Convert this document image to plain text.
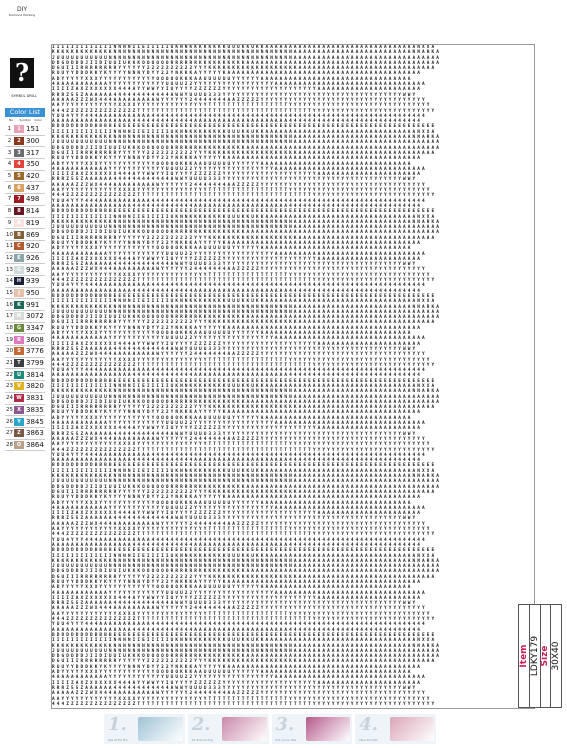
DIY
Diamond Painting
?
SYMBOL DRILL
Color List
No.	Symbol	Color
1	1 151
2	2 300
3	3 317
4	4 350
5	5 420
6	6 437
7	7 498
8	8 814
9	A 819
10 B 869
11 C 920
12 E 926
13 G 928
14 H 939
15	J 950
16 K 991
17 N 3072
18 G 3347
19 R 3608
20 S 3776
21 T 3799
22 U 3814
23 V 3820
24 W 3831
25 X 3835
26 Y 3845
27 Z 3863
28 O 3864
I I I I I I I I I I I I I N N N N I I E I I I I I U K N N K K K K K K K K U U U K K U K K A A A A A A A A A A A A A A A A A A A A A A A A A A A A A A A A N X X A
K K K K K K K K K K K K K N N N N N N N N N N N N N N N N N N N N N N N N N N N N N N N N N N N N N N A A A A A A A A A A A A A A A A A A A A A A A A A N N A R K A
J U U U U U U U U U U U N N N N N N N N N N N N N N N N N N N N N N N N N N N N N N N N N N N N N N N A A A A A A A A A A A A A A A A A A A A A A A A A A A A A A A
D D G D D D D J I I D I U U I U K K K O O O O O O R R R R R R K K K K K K K K K K A A A A A A A A A A A A A A A A A A A A A A A A A A A A A A A A A A A A A A A A A
D G U I I I R R R R R R R R Y Y Y Y Y Y 2 2 2 2 2 2 2 2 2 2 Y Y Y K K K K K K K K K K K K K K K K K K K A A A A A A A A A A A A A A A A A A A A A A A A A A A A A
R U U Y Y D D D K K Y K Y Y Y Y N N N Y D Y Y 2 2 Y N K K K A Y Y Y Y Y K A A A A A A A A A A A A A A A A A A A A A A A A A A A A A A A A A A A A A A A A A
A D Y Y Y Y Y X X X Y Y Y Y Y Y Y Y Y Y Y Y O O O O O K K K A A U U U U U U Y Y Y Y Y Y A A A A A A A A A A A A A A A A A A A A A A A A A A A A A A A A
4 A A A A A A A A A A A Y Y Y Y Y Y Y Y Y Y Y Y U U U U 2 2 Y Y Y Y Y Y Y Y Y Y Y Y Y Y Y Y Y A A A A A A A A A A A A A A A A A A A A A A A A A A A A A A A A
I I I I Z A X Z X X X X X X 4 4 4 A Y Y W W Y Y I U Y Y Y Y Z Z Z Z Z Z Y Y Y Y Y Y Y Y Y Y Y Y Y Y Y Y Y Y Y Y A A A A A A A A A A A A A A A A A A A A A A
R R R Z 5 5 Z A A A A A A 4 4 4 4 4 4 4 4 4 4 4 4 A W W Y U U U U 3 3 3 Y Y Y Y Y Y Y Y Y Y Y Y Y Y Y Y Y Y Y Y Y Y Y Y Y Y Y Y Y Y Y Y Y Y Y Y Y Y W W Y
A A A A A Z Z Z W X 4 4 4 A A A A A A A A A W Y Y Y Y Y Y 2 4 4 4 4 4 4 4 A A Z Z Z Z Z Y Y Y Y Y Y Y Y Y Y Y Y Y Y Y Y Y Y Y Y Y Y Y Y Y Y Y Y Y Y Y Y Y Y Y
A A Y Y Y Y Y Y Y Y Y Y Y Y X X X X Y Y Y Y Y Y Y Y Y Y Y Y Y Y Y T T T T T T T T T T T T T T T T T Y Y Y Y Y Y Y Y Y Y Y Y Y Y Y Y Y Y Y Y Y Y Y Y Y Y Y Y Y Y
4 4 4 Z Z Z Z Z Z Z Z Z Z Z Z Z Z Z T T T T T T T T T T T T T T T T T T T T T T T T T T T T T T T T T T T T T Y Y Y Y Y Y Y Y Y Y Y Y Y Y Y Y Y Y Y Y Y Y Y Y Y Y
Y U U 4 Y Y Y 4 4 4 A A A A A A A A A A A 4 4 4 4 4 4 4 4 4 4 4 4 4 4 4 4 4 4 4 4 4 4 4 4 4 4 4 4 4 4 4 4 4 4 4 4 4 4 4 4 4 4 4 4 4 4 4 4 4 4 4 4 4 4 4 4 4 4
A A A A A A A A A A A A A A A A A 4 4 4 4 4 4 4 4 4 4 4 4 4 A A A A A A A A A A A A A A A A A A A A 4 4 4 4 4 4 4 4 4 4 4 4 4 4 4 4 4 4 4 4 4 4 4 4 4 4 4 4
B D D D D D D D D B B B B E E E E E E E E E E E E E E E E E E E E E E E E E E E E E E E E E E E E E E E E E E E E E E E E E E E E E E E E E E E E E E E E E E E E
I I I I I I I I I I I I I N N N N I I E I I I I I U K N N K K K K K K K K U U U K K U K K A A A A A A A A A A A A A A A A A A A A A A A A A A A A A A A A N X X A
K K K K K K K K K K K K K N N N N N N N N N N N N N N N N N N N N N N N N N N N N N N N N N N N N N N A A A A A A A A A A A A A A A A A A A A A A A A A N N A R K A
J U U U U U U U U U U U N N N N N N N N N N N N N N N N N N N N N N N N N N N N N N N N N N N N N N N A A A A A A A A A A A A A A A A A A A A A A A A A A A A A A A
D D G D D D D J I I D I U U I U K K K O O O O O O R R R R R R K K K K K K K K K K A A A A A A A A A A A A A A A A A A A A A A A A A A A A A A A A A A A A A A A A A
D G U I I I R R R R R R R R Y Y Y Y Y Y 2 2 2 2 2 2 2 2 2 2 Y Y Y K K K K K K K K K K K K K K K K K K K A A A A A A A A A A A A A A A A A A A A A A A A A A A A A
R U U Y Y D D D K K Y K Y Y Y Y N N N Y D Y Y 2 2 Y N K K K A Y Y Y Y Y K A A A A A A A A A A A A A A A A A A A A A A A A A A A A A A A A A A A A A A A A A
A D Y Y Y Y Y X X X Y Y Y Y Y Y Y Y Y Y Y Y O O O O O K K K A A U U U U U U Y Y Y Y Y Y A A A A A A A A A A A A A A A A A A A A A A A A A A A A A A A A
4 A A A A A A A A A A A Y Y Y Y Y Y Y Y Y Y Y Y U U U U 2 2 Y Y Y Y Y Y Y Y Y Y Y Y Y Y Y Y Y A A A A A A A A A A A A A A A A A A A A A A A A A A A A A A A A
I I I I Z A X Z X X X X X X 4 4 4 A Y Y W W Y Y I U Y Y Y Y Z Z Z Z Z Z Y Y Y Y Y Y Y Y Y Y Y Y Y Y Y Y Y Y Y Y A A A A A A A A A A A A A A A A A A A A A A
R R R Z 5 5 Z A A A A A A 4 4 4 4 4 4 4 4 4 4 4 4 A W W Y U U U U 3 3 3 Y Y Y Y Y Y Y Y Y Y Y Y Y Y Y Y Y Y Y Y Y Y Y Y Y Y Y Y Y Y Y Y Y Y Y Y Y Y W W Y
A A A A A Z Z Z W X 4 4 4 A A A A A A A A A W Y Y Y Y Y Y 2 4 4 4 4 4 4 4 A A Z Z Z Z Z Y Y Y Y Y Y Y Y Y Y Y Y Y Y Y Y Y Y Y Y Y Y Y Y Y Y Y Y Y Y Y Y Y Y Y
A A Y Y Y Y Y Y Y Y Y Y Y Y X X X X Y Y Y Y Y Y Y Y Y Y Y Y Y Y Y T T T T T T T T T T T T T T T T T Y Y Y Y Y Y Y Y Y Y Y Y Y Y Y Y Y Y Y Y Y Y Y Y Y Y Y Y Y Y
4 4 4 Z Z Z Z Z Z Z Z Z Z Z Z Z Z Z T T T T T T T T T T T T T T T T T T T T T T T T T T T T T T T T T T T T T Y Y Y Y Y Y Y Y Y Y Y Y Y Y Y Y Y Y Y Y Y Y Y Y Y Y
Y U U 4 Y Y Y 4 4 4 A A A A A A A A A A A 4 4 4 4 4 4 4 4 4 4 4 4 4 4 4 4 4 4 4 4 4 4 4 4 4 4 4 4 4 4 4 4 4 4 4 4 4 4 4 4 4 4 4 4 4 4 4 4 4 4 4 4 4 4 4 4 4 4
A A A A A A A A A A A A A A A A A 4 4 4 4 4 4 4 4 4 4 4 4 4 A A A A A A A A A A A A A A A A A A A A 4 4 4 4 4 4 4 4 4 4 4 4 4 4 4 4 4 4 4 4 4 4 4 4 4 4 4 4
B D D D D D D D D B B B B E E E E E E E E E E E E E E E E E E E E E E E E E E E E E E E E E E E E E E E E E E E E E E E E E E E E E E E E E E E E E E E E E E E E
I I I I I I I I I I I I I N N N N I I E I I I I I U K N N K K K K K K K K U U U K K U K K A A A A A A A A A A A A A A A A A A A A A A A A A A A A A A A A N X X A
K K K K K K K K K K K K K N N N N N N N N N N N N N N N N N N N N N N N N N N N N N N N N N N N N N N A A A A A A A A A A A A A A A A A A A A A A A A A N N A R K A
J U U U U U U U U U U U N N N N N N N N N N N N N N N N N N N N N N N N N N N N N N N N N N N N N N N A A A A A A A A A A A A A A A A A A A A A A A A A A A A A A A
D D G D D D D J I I D I U U I U K K K O O O O O O R R R R R R K K K K K K K K K K A A A A A A A A A A A A A A A A A A A A A A A A A A A A A A A A A A A A A A A A A
D G U I I I R R R R R R R R Y Y Y Y Y Y 2 2 2 2 2 2 2 2 2 2 Y Y Y K K K K K K K K K K K K K K K K K K K A A A A A A A A A A A A A A A A A A A A A A A A A A A A A
R U U Y Y D D D K K Y K Y Y Y Y N N N Y D Y Y 2 2 Y N K K K A Y Y Y Y Y K A A A A A A A A A A A A A A A A A A A A A A A A A A A A A A A A A A A A A A A A A
A D Y Y Y Y Y X X X Y Y Y Y Y Y Y Y Y Y Y Y O O O O O K K K A A U U U U U U Y Y Y Y Y Y A A A A A A A A A A A A A A A A A A A A A A A A A A A A A A A A
4 A A A A A A A A A A A Y Y Y Y Y Y Y Y Y Y Y Y U U U U 2 2 Y Y Y Y Y Y Y Y Y Y Y Y Y Y Y Y Y A A A A A A A A A A A A A A A A A A A A A A A A A A A A A A A A
I I I I Z A X Z X X X X X X 4 4 4 A Y Y W W Y Y I U Y Y Y Y Z Z Z Z Z Z Y Y Y Y Y Y Y Y Y Y Y Y Y Y Y Y Y Y Y Y A A A A A A A A A A A A A A A A A A A A A A
R R R Z 5 5 Z A A A A A A 4 4 4 4 4 4 4 4 4 4 4 4 A W W Y U U U U 3 3 3 Y Y Y Y Y Y Y Y Y Y Y Y Y Y Y Y Y Y Y Y Y Y Y Y Y Y Y Y Y Y Y Y Y Y Y Y Y Y W W Y
A A A A A Z Z Z W X 4 4 4 A A A A A A A A A W Y Y Y Y Y Y 2 4 4 4 4 4 4 4 A A Z Z Z Z Z Y Y Y Y Y Y Y Y Y Y Y Y Y Y Y Y Y Y Y Y Y Y Y Y Y Y Y Y Y Y Y Y Y Y Y
A A Y Y Y Y Y Y Y Y Y Y Y Y X X X X Y Y Y Y Y Y Y Y Y Y Y Y Y Y Y T T T T T T T T T T T T T T T T T Y Y Y Y Y Y Y Y Y Y Y Y Y Y Y Y Y Y Y Y Y Y Y Y Y Y Y Y Y Y
4 4 4 Z Z Z Z Z Z Z Z Z Z Z Z Z Z Z T T T T T T T T T T T T T T T T T T T T T T T T T T T T T T T T T T T T T Y Y Y Y Y Y Y Y Y Y Y Y Y Y Y Y Y Y Y Y Y Y Y Y Y Y
Y U U 4 Y Y Y 4 4 4 A A A A A A A A A A A 4 4 4 4 4 4 4 4 4 4 4 4 4 4 4 4 4 4 4 4 4 4 4 4 4 4 4 4 4 4 4 4 4 4 4 4 4 4 4 4 4 4 4 4 4 4 4 4 4 4 4 4 4 4 4 4 4 4
A A A A A A A A A A A A A A A A A 4 4 4 4 4 4 4 4 4 4 4 4 4 A A A A A A A A A A A A A A A A A A A A 4 4 4 4 4 4 4 4 4 4 4 4 4 4 4 4 4 4 4 4 4 4 4 4 4 4 4 4
B D D D D D D D D B B B B E E E E E E E E E E E E E E E E E E E E E E E E E E E E E E E E E E E E E E E E E E E E E E E E E E E E E E E E E E E E E E E E E E E E
I I I I I I I I I I I I I N N N N I I E I I I I I U K N N K K K K K K K K U U U K K U K K A A A A A A A A A A A A A A A A A A A A A A A A A A A A A A A A N X X A
K K K K K K K K K K K K K N N N N N N N N N N N N N N N N N N N N N N N N N N N N N N N N N N N N N N A A A A A A A A A A A A A A A A A A A A A A A A A N N A R K A
J U U U U U U U U U U U N N N N N N N N N N N N N N N N N N N N N N N N N N N N N N N N N N N N N N N A A A A A A A A A A A A A A A A A A A A A A A A A A A A A A A
D D G D D D D J I I D I U U I U K K K O O O O O O R R R R R R K K K K K K K K K K A A A A A A A A A A A A A A A A A A A A A A A A A A A A A A A A A A A A A A A A A
D G U I I I R R R R R R R R Y Y Y Y Y Y 2 2 2 2 2 2 2 2 2 2 Y Y Y K K K K K K K K K K K K K K K K K K K A A A A A A A A A A A A A A A A A A A A A A A A A A A A A
R U U Y Y D D D K K Y K Y Y Y Y N N N Y D Y Y 2 2 Y N K K K A Y Y Y Y Y K A A A A A A A A A A A A A A A A A A A A A A A A A A A A A A A A A A A A A A A A A
A D Y Y Y Y Y X X X Y Y Y Y Y Y Y Y Y Y Y Y O O O O O K K K A A U U U U U U Y Y Y Y Y Y A A A A A A A A A A A A A A A A A A A A A A A A A A A A A A A A
4 A A A A A A A A A A A Y Y Y Y Y Y Y Y Y Y Y Y U U U U 2 2 Y Y Y Y Y Y Y Y Y Y Y Y Y Y Y Y Y A A A A A A A A A A A A A A A A A A A A A A A A A A A A A A A A
I I I I Z A X Z X X X X X X 4 4 4 A Y Y W W Y Y I U Y Y Y Y Z Z Z Z Z Z Y Y Y Y Y Y Y Y Y Y Y Y Y Y Y Y Y Y Y Y A A A A A A A A A A A A A A A A A A A A A A
R R R Z 5 5 Z A A A A A A 4 4 4 4 4 4 4 4 4 4 4 4 A W W Y U U U U 3 3 3 Y Y Y Y Y Y Y Y Y Y Y Y Y Y Y Y Y Y Y Y Y Y Y Y Y Y Y Y Y Y Y Y Y Y Y Y Y Y W W Y
A A A A A Z Z Z W X 4 4 4 A A A A A A A A A W Y Y Y Y Y Y 2 4 4 4 4 4 4 4 A A Z Z Z Z Z Y Y Y Y Y Y Y Y Y Y Y Y Y Y Y Y Y Y Y Y Y Y Y Y Y Y Y Y Y Y Y Y Y Y Y
A A Y Y Y Y Y Y Y Y Y Y Y Y X X X X Y Y Y Y Y Y Y Y Y Y Y Y Y Y Y T T T T T T T T T T T T T T T T T Y Y Y Y Y Y Y Y Y Y Y Y Y Y Y Y Y Y Y Y Y Y Y Y Y Y Y Y Y Y
4 4 4 Z Z Z Z Z Z Z Z Z Z Z Z Z Z Z T T T T T T T T T T T T T T T T T T T T T T T T T T T T T T T T T T T T T Y Y Y Y Y Y Y Y Y Y Y Y Y Y Y Y Y Y Y Y Y Y Y Y Y Y
Y U U 4 Y Y Y 4 4 4 A A A A A A A A A A A 4 4 4 4 4 4 4 4 4 4 4 4 4 4 4 4 4 4 4 4 4 4 4 4 4 4 4 4 4 4 4 4 4 4 4 4 4 4 4 4 4 4 4 4 4 4 4 4 4 4 4 4 4 4 4 4 4 4
A A A A A A A A A A A A A A A A A 4 4 4 4 4 4 4 4 4 4 4 4 4 A A A A A A A A A A A A A A A A A A A A 4 4 4 4 4 4 4 4 4 4 4 4 4 4 4 4 4 4 4 4 4 4 4 4 4 4 4 4
B D D D D D D D D B B B B E E E E E E E E E E E E E E E E E E E E E E E E E E E E E E E E E E E E E E E E E E E E E E E E E E E E E E E E E E E E E E E E E E E E
I I I I I I I I I I I I I N N N N I I E I I I I I U K N N K K K K K K K K U U U K K U K K A A A A A A A A A A A A A A A A A A A A A A A A A A A A A A A A N X X A
K K K K K K K K K K K K K N N N N N N N N N N N N N N N N N N N N N N N N N N N N N N N N N N N N N N A A A A A A A A A A A A A A A A A A A A A A A A A N N A R K A
J U U U U U U U U U U U N N N N N N N N N N N N N N N N N N N N N N N N N N N N N N N N N N N N N N N A A A A A A A A A A A A A A A A A A A A A A A A A A A A A A A
D D G D D D D J I I D I U U I U K K K O O O O O O R R R R R R K K K K K K K K K K A A A A A A A A A A A A A A A A A A A A A A A A A A A A A A A A A A A A A A A A A
D G U I I I R R R R R R R R Y Y Y Y Y Y 2 2 2 2 2 2 2 2 2 2 Y Y Y K K K K K K K K K K K K K K K K K K K A A A A A A A A A A A A A A A A A A A A A A A A A A A A A
R U U Y Y D D D K K Y K Y Y Y Y N N N Y D Y Y 2 2 Y N K K K A Y Y Y Y Y K A A A A A A A A A A A A A A A A A A A A A A A A A A A A A A A A A A A A A A A A A
A D Y Y Y Y Y X X X Y Y Y Y Y Y Y Y Y Y Y Y O O O O O K K K A A U U U U U U Y Y Y Y Y Y A A A A A A A A A A A A A A A A A A A A A A A A A A A A A A A A
4 A A A A A A A A A A A Y Y Y Y Y Y Y Y Y Y Y Y U U U U 2 2 Y Y Y Y Y Y Y Y Y Y Y Y Y Y Y Y Y A A A A A A A A A A A A A A A A A A A A A A A A A A A A A A A A
I I I I Z A X Z X X X X X X 4 4 4 A Y Y W W Y Y I U Y Y Y Y Z Z Z Z Z Z Y Y Y Y Y Y Y Y Y Y Y Y Y Y Y Y Y Y Y Y A A A A A A A A A A A A A A A A A A A A A A
R R R Z 5 5 Z A A A A A A 4 4 4 4 4 4 4 4 4 4 4 4 A W W Y U U U U 3 3 3 Y Y Y Y Y Y Y Y Y Y Y Y Y Y Y Y Y Y Y Y Y Y Y Y Y Y Y Y Y Y Y Y Y Y Y Y Y Y W W Y
A A A A A Z Z Z W X 4 4 4 A A A A A A A A A W Y Y Y Y Y Y 2 4 4 4 4 4 4 4 A A Z Z Z Z Z Y Y Y Y Y Y Y Y Y Y Y Y Y Y Y Y Y Y Y Y Y Y Y Y Y Y Y Y Y Y Y Y Y Y Y
A A Y Y Y Y Y Y Y Y Y Y Y Y X X X X Y Y Y Y Y Y Y Y Y Y Y Y Y Y Y T T T T T T T T T T T T T T T T T Y Y Y Y Y Y Y Y Y Y Y Y Y Y Y Y Y Y Y Y Y Y Y Y Y Y Y Y Y Y
4 4 4 Z Z Z Z Z Z Z Z Z Z Z Z Z Z Z T T T T T T T T T T T T T T T T T T T T T T T T T T T T T T T T T T T T T Y Y Y Y Y Y Y Y Y Y Y Y Y Y Y Y Y Y Y Y Y Y Y Y Y Y
Y U U 4 Y Y Y 4 4 4 A A A A A A A A A A A 4 4 4 4 4 4 4 4 4 4 4 4 4 4 4 4 4 4 4 4 4 4 4 4 4 4 4 4 4 4 4 4 4 4 4 4 4 4 4 4 4 4 4 4 4 4 4 4 4 4 4 4 4 4 4 4 4 4
A A A A A A A A A A A A A A A A A 4 4 4 4 4 4 4 4 4 4 4 4 4 A A A A A A A A A A A A A A A A A A A A 4 4 4 4 4 4 4 4 4 4 4 4 4 4 4 4 4 4 4 4 4 4 4 4 4 4 4 4
B D D D D D D D D B B B B E E E E E E E E E E E E E E E E E E E E E E E E E E E E E E E E E E E E E E E E E E E E E E E E E E E E E E E E E E E E E E E E E E E E
I I I I I I I I I I I I I N N N N I I E I I I I I U K N N K K K K K K K K U U U K K U K K A A A A A A A A A A A A A A A A A A A A A A A A A A A A A A A A N X X A
K K K K K K K K K K K K K N N N N N N N N N N N N N N N N N N N N N N N N N N N N N N N N N N N N N N A A A A A A A A A A A A A A A A A A A A A A A A A N N A R K A
J U U U U U U U U U U U N N N N N N N N N N N N N N N N N N N N N N N N N N N N N N N N N N N N N N N A A A A A A A A A A A A A A A A A A A A A A A A A A A A A A A
D D G D D D D J I I D I U U I U K K K O O O O O O R R R R R R K K K K K K K K K K A A A A A A A A A A A A A A A A A A A A A A A A A A A A A A A A A A A A A A A A A
D G U I I I R R R R R R R R Y Y Y Y Y Y 2 2 2 2 2 2 2 2 2 2 Y Y Y K K K K K K K K K K K K K K K K K K K A A A A A A A A A A A A A A A A A A A A A A A A A A A A A
R U U Y Y D D D K K Y K Y Y Y Y N N N Y D Y Y 2 2 Y N K K K A Y Y Y Y Y K A A A A A A A A A A A A A A A A A A A A A A A A A A A A A A A A A A A A A A A A A
A D Y Y Y Y Y X X X Y Y Y Y Y Y Y Y Y Y Y Y O O O O O K K K A A U U U U U U Y Y Y Y Y Y A A A A A A A A A A A A A A A A A A A A A A A A A A A A A A A A
4 A A A A A A A A A A A Y Y Y Y Y Y Y Y Y Y Y Y U U U U 2 2 Y Y Y Y Y Y Y Y Y Y Y Y Y Y Y Y Y A A A A A A A A A A A A A A A A A A A A A A A A A A A A A A A A
I I I I Z A X Z X X X X X X 4 4 4 A Y Y W W Y Y I U Y Y Y Y Z Z Z Z Z Z Y Y Y Y Y Y Y Y Y Y Y Y Y Y Y Y Y Y Y Y A A A A A A A A A A A A A A A A A A A A A A
R R R Z 5 5 Z A A A A A A 4 4 4 4 4 4 4 4 4 4 4 4 A W W Y U U U U 3 3 3 Y Y Y Y Y Y Y Y Y Y Y Y Y Y Y Y Y Y Y Y Y Y Y Y Y Y Y Y Y Y Y Y Y Y Y Y Y Y W W Y
A A A A A Z Z Z W X 4 4 4 A A A A A A A A A W Y Y Y Y Y Y 2 4 4 4 4 4 4 4 A A Z Z Z Z Z Y Y Y Y Y Y Y Y Y Y Y Y Y Y Y Y Y Y Y Y Y Y Y Y Y Y Y Y Y Y Y Y Y Y Y
A A Y Y Y Y Y Y Y Y Y Y Y Y X X X X Y Y Y Y Y Y Y Y Y Y Y Y Y Y Y T T T T T T T T T T T T T T T T T Y Y Y Y Y Y Y Y Y Y Y Y Y Y Y Y Y Y Y Y Y Y Y Y Y Y Y Y Y Y
4 4 4 Z Z Z Z Z Z Z Z Z Z Z Z Z Z Z T T T T T T T T T T T T T T T T T T T T T T T T T T T T T T T T T T T T T Y Y Y Y Y Y Y Y Y Y Y Y Y Y Y Y Y Y Y Y Y Y Y Y Y Y
Y U U 4 Y Y Y 4 4 4 A A A A A A A A A A A 4 4 4 4 4 4 4 4 4 4 4 4 4 4 4 4 4 4 4 4 4 4 4 4 4 4 4 4 4 4 4 4 4 4 4 4 4 4 4 4 4 4 4 4 4 4 4 4 4 4 4 4 4 4 4 4 4 4
A A A A A A A A A A A A A A A A A 4 4 4 4 4 4 4 4 4 4 4 4 4 A A A A A A A A A A A A A A A A A A A A 4 4 4 4 4 4 4 4 4 4 4 4 4 4 4 4 4 4 4 4 4 4 4 4 4 4 4 4
B D D D D D D D D B B B B E E E E E E E E E E E E E E E E E E E E E E E E E E E E E E E E E E E E E E E E E E E E E E E E E E E E E E E E E E E E E E E E E E E E
I I I I I I I I I I I I I N N N N I I E I I I I I U K N N K K K K K K K K U U U K K U K K A A A A A A A A A A A A A A A A A A A A A A A A A A A A A A A A N X X A
K K K K K K K K K K K K K N N N N N N N N N N N N N N N N N N N N N N N N N N N N N N N N N N N N N N A A A A A A A A A A A A A A A A A A A A A A A A A N N A R K A
J U U U U U U U U U U U N N N N N N N N N N N N N N N N N N N N N N N N N N N N N N N N N N N N N N N A A A A A A A A A A A A A A A A A A A A A A A A A A A A A A A
D D G D D D D J I I D I U U I U K K K O O O O O O R R R R R R K K K K K K K K K K A A A A A A A A A A A A A A A A A A A A A A A A A A A A A A A A A A A A A A A A A
D G U I I I R R R R R R R R Y Y Y Y Y Y 2 2 2 2 2 2 2 2 2 2 Y Y Y K K K K K K K K K K K K K K K K K K K A A A A A A A A A A A A A A A A A A A A A A A A A A A A A
R U U Y Y D D D K K Y K Y Y Y Y N N N Y D Y Y 2 2 Y N K K K A Y Y Y Y Y K A A A A A A A A A A A A A A A A A A A A A A A A A A A A A A A A A A A A A A A A A
A D Y Y Y Y Y X X X Y Y Y Y Y Y Y Y Y Y Y Y O O O O O K K K A A U U U U U U Y Y Y Y Y Y A A A A A A A A A A A A A A A A A A A A A A A A A A A A A A A A
4 A A A A A A A A A A A Y Y Y Y Y Y Y Y Y Y Y Y U U U U 2 2 Y Y Y Y Y Y Y Y Y Y Y Y Y Y Y Y Y A A A A A A A A A A A A A A A A A A A A A A A A A A A A A A A A
I I I I Z A X Z X X X X X X 4 4 4 A Y Y W W Y Y I U Y Y Y Y Z Z Z Z Z Z Y Y Y Y Y Y Y Y Y Y Y Y Y Y Y Y Y Y Y Y A A A A A A A A A A A A A A A A A A A A A A
R R R Z 5 5 Z A A A A A A 4 4 4 4 4 4 4 4 4 4 4 4 A W W Y U U U U 3 3 3 Y Y Y Y Y Y Y Y Y Y Y Y Y Y Y Y Y Y Y Y Y Y Y Y Y Y Y Y Y Y Y Y Y Y Y Y Y Y W W Y
A A A A A Z Z Z W X 4 4 4 A A A A A A A A A W Y Y Y Y Y Y 2 4 4 4 4 4 4 4 A A Z Z Z Z Z Y Y Y Y Y Y Y Y Y Y Y Y Y Y Y Y Y Y Y Y Y Y Y Y Y Y Y Y Y Y Y Y Y Y Y
A A Y Y Y Y Y Y Y Y Y Y Y Y X X X X Y Y Y Y Y Y Y Y Y Y Y Y Y Y Y T T T T T T T T T T T T T T T T T Y Y Y Y Y Y Y Y Y Y Y Y Y Y Y Y Y Y Y Y Y Y Y Y Y Y Y Y Y Y
4 4 4 Z Z Z Z Z Z Z Z Z Z Z Z Z Z Z T T T T T T T T T T T T T T T T T T T T T T T T T T T T T T T T T T T T T Y Y Y Y Y Y Y Y Y Y Y Y Y Y Y Y Y Y Y Y Y Y Y Y Y Y
Y U U 4 Y Y Y 4 4 4 A A A A A A A A A A A 4 4 4 4 4 4 4 4 4 4 4 4 4 4 4 4 4 4 4 4 4 4 4 4 4 4 4 4 4 4 4 4 4 4 4 4 4 4 4 4 4 4 4 4 4 4 4 4 4 4 4 4 4 4 4 4 4 4
A A A A A A A A A A A A A A A A A 4 4 4 4 4 4 4 4 4 4 4 4 4 A A A A A A A A A A A A A A A A A A A A 4 4 4 4 4 4 4 4 4 4 4 4 4 4 4 4 4 4 4 4 4 4 4 4 4 4 4 4
B D D D D D D D D B B B B E E E E E E E E E E E E E E E E E E E E E E E E E E E E E E E E E E E E E E E E E E E E E E E E E E E E E E E E E E E E E E E E E E E E
I I I I I I I I I I I I I N N N N I I E I I I I I U K N N K K K K K K K K U U U K K U K K A A A A A A A A A A A A A A A A A A A A A A A A A A A A A A A A N X X A
K K K K K K K K K K K K K N N N N N N N N N N N N N N N N N N N N N N N N N N N N N N N N N N N N N N A A A A A A A A A A A A A A A A A A A A A A A A A N N A R K A
J U U U U U U U U U U U N N N N N N N N N N N N N N N N N N N N N N N N N N N N N N N N N N N N N N N A A A A A A A A A A A A A A A A A A A A A A A A A A A A A A A
D D G D D D D J I I D I U U I U K K K O O O O O O R R R R R R K K K K K K K K K K A A A A A A A A A A A A A A A A A A A A A A A A A A A A A A A A A A A A A A A A A
D G U I I I R R R R R R R R Y Y Y Y Y Y 2 2 2 2 2 2 2 2 2 2 Y Y Y K K K K K K K K K K K K K K K K K K K A A A A A A A A A A A A A A A A A A A A A A A A A A A A A
R U U Y Y D D D K K Y K Y Y Y Y N N N Y D Y Y 2 2 Y N K K K A Y Y Y Y Y K A A A A A A A A A A A A A A A A A A A A A A A A A A A A A A A A A A A A A A A A A
A D Y Y Y Y Y X X X Y Y Y Y Y Y Y Y Y Y Y Y O O O O O K K K A A U U U U U U Y Y Y Y Y Y A A A A A A A A A A A A A A A A A A A A A A A A A A A A A A A A
4 A A A A A A A A A A A Y Y Y Y Y Y Y Y Y Y Y Y U U U U 2 2 Y Y Y Y Y Y Y Y Y Y Y Y Y Y Y Y Y A A A A A A A A A A A A A A A A A A A A A A A A A A A A A A A A
I I I I Z A X Z X X X X X X 4 4 4 A Y Y W W Y Y I U Y Y Y Y Z Z Z Z Z Z Y Y Y Y Y Y Y Y Y Y Y Y Y Y Y Y Y Y Y Y A A A A A A A A A A A A A A A A A A A A A A
R R R Z 5 5 Z A A A A A A 4 4 4 4 4 4 4 4 4 4 4 4 A W W Y U U U U 3 3 3 Y Y Y Y Y Y Y Y Y Y Y Y Y Y Y Y Y Y Y Y Y Y Y Y Y Y Y Y Y Y Y Y Y Y Y Y Y Y W W Y
A A A A A Z Z Z W X 4 4 4 A A A A A A A A A W Y Y Y Y Y Y 2 4 4 4 4 4 4 4 A A Z Z Z Z Z Y Y Y Y Y Y Y Y Y Y Y Y Y Y Y Y Y Y Y Y Y Y Y Y Y Y Y Y Y Y Y Y Y Y Y
A A Y Y Y Y Y Y Y Y Y Y Y Y X X X X Y Y Y Y Y Y Y Y Y Y Y Y Y Y Y T T T T T T T T T T T T T T T T T Y Y Y Y Y Y Y Y Y Y Y Y Y Y Y Y Y Y Y Y Y Y Y Y Y Y Y Y Y Y
4 4 4 Z Z Z Z Z Z Z Z Z Z Z Z Z Z Z T T T T T T T T T T T T T T T T T T T T T T T T T T T T T T T T T T T T T Y Y Y Y Y Y Y Y Y Y Y Y Y Y Y Y Y Y Y Y Y Y Y Y Y Y
Item LDKY179 Size 30X40
1.
Peel off the film
2.
Fill drills into tray
3.
Pick up the drills
4.
Place the drills
